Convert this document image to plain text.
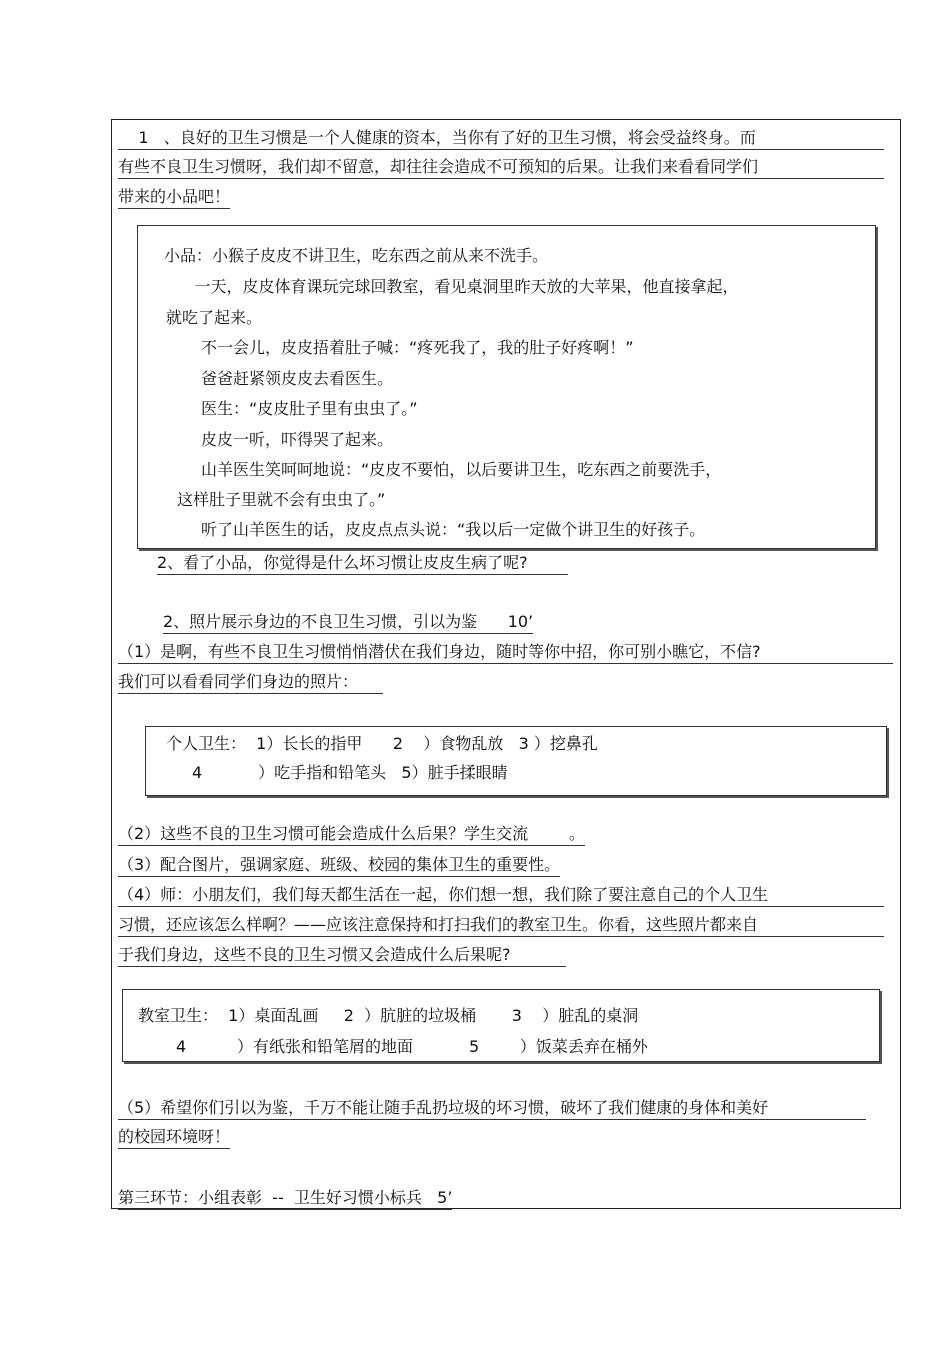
1   、良好的卫生习惯是一个人健康的资本，当你有了好的卫生习惯，将会受益终身。而
有些不良卫生习惯呀，我们却不留意，却往往会造成不可预知的后果。让我们来看看同学们
带来的小品吧！
小品：小猴子皮皮不讲卫生，吃东西之前从来不洗手。
一天，皮皮体育课玩完球回教室，看见桌洞里昨天放的大苹果，他直接拿起，
就吃了起来。
不一会儿，皮皮捂着肚子喊：“疼死我了，我的肚子好疼啊！”
爸爸赶紧领皮皮去看医生。
医生：“皮皮肚子里有虫虫了。”
皮皮一听，吓得哭了起来。
山羊医生笑呵呵地说：“皮皮不要怕，以后要讲卫生，吃东西之前要洗手，
这样肚子里就不会有虫虫了。”
听了山羊医生的话，皮皮点点头说：“我以后一定做个讲卫生的好孩子。
2、看了小品，你觉得是什么坏习惯让皮皮生病了呢?
2、照片展示身边的不良卫生习惯，引以为鉴      10’
（1）是啊，有些不良卫生习惯悄悄潜伏在我们身边，随时等你中招，你可别小瞧它，不信?
我们可以看看同学们身边的照片：
个人卫生：  1）长长的指甲      2    ）食物乱放   3 ）挖鼻孔
4           ）吃手指和铅笔头   5）脏手揉眼睛
（2）这些不良的卫生习惯可能会造成什么后果？学生交流        。
（3）配合图片，强调家庭、班级、校园的集体卫生的重要性。
（4）师：小朋友们，我们每天都生活在一起，你们想一想，我们除了要注意自己的个人卫生
习惯，还应该怎么样啊？——应该注意保持和打扫我们的教室卫生。你看，这些照片都来自
于我们身边，这些不良的卫生习惯又会造成什么后果呢?
教室卫生：  1）桌面乱画     2  ）肮脏的垃圾桶       3    ）脏乱的桌洞
4          ）有纸张和铅笔屑的地面           5        ）饭菜丢弃在桶外
（5）希望你们引以为鉴，千万不能让随手乱扔垃圾的坏习惯，破坏了我们健康的身体和美好
的校园环境呀！
第三环节：小组表彰  --  卫生好习惯小标兵   5’
